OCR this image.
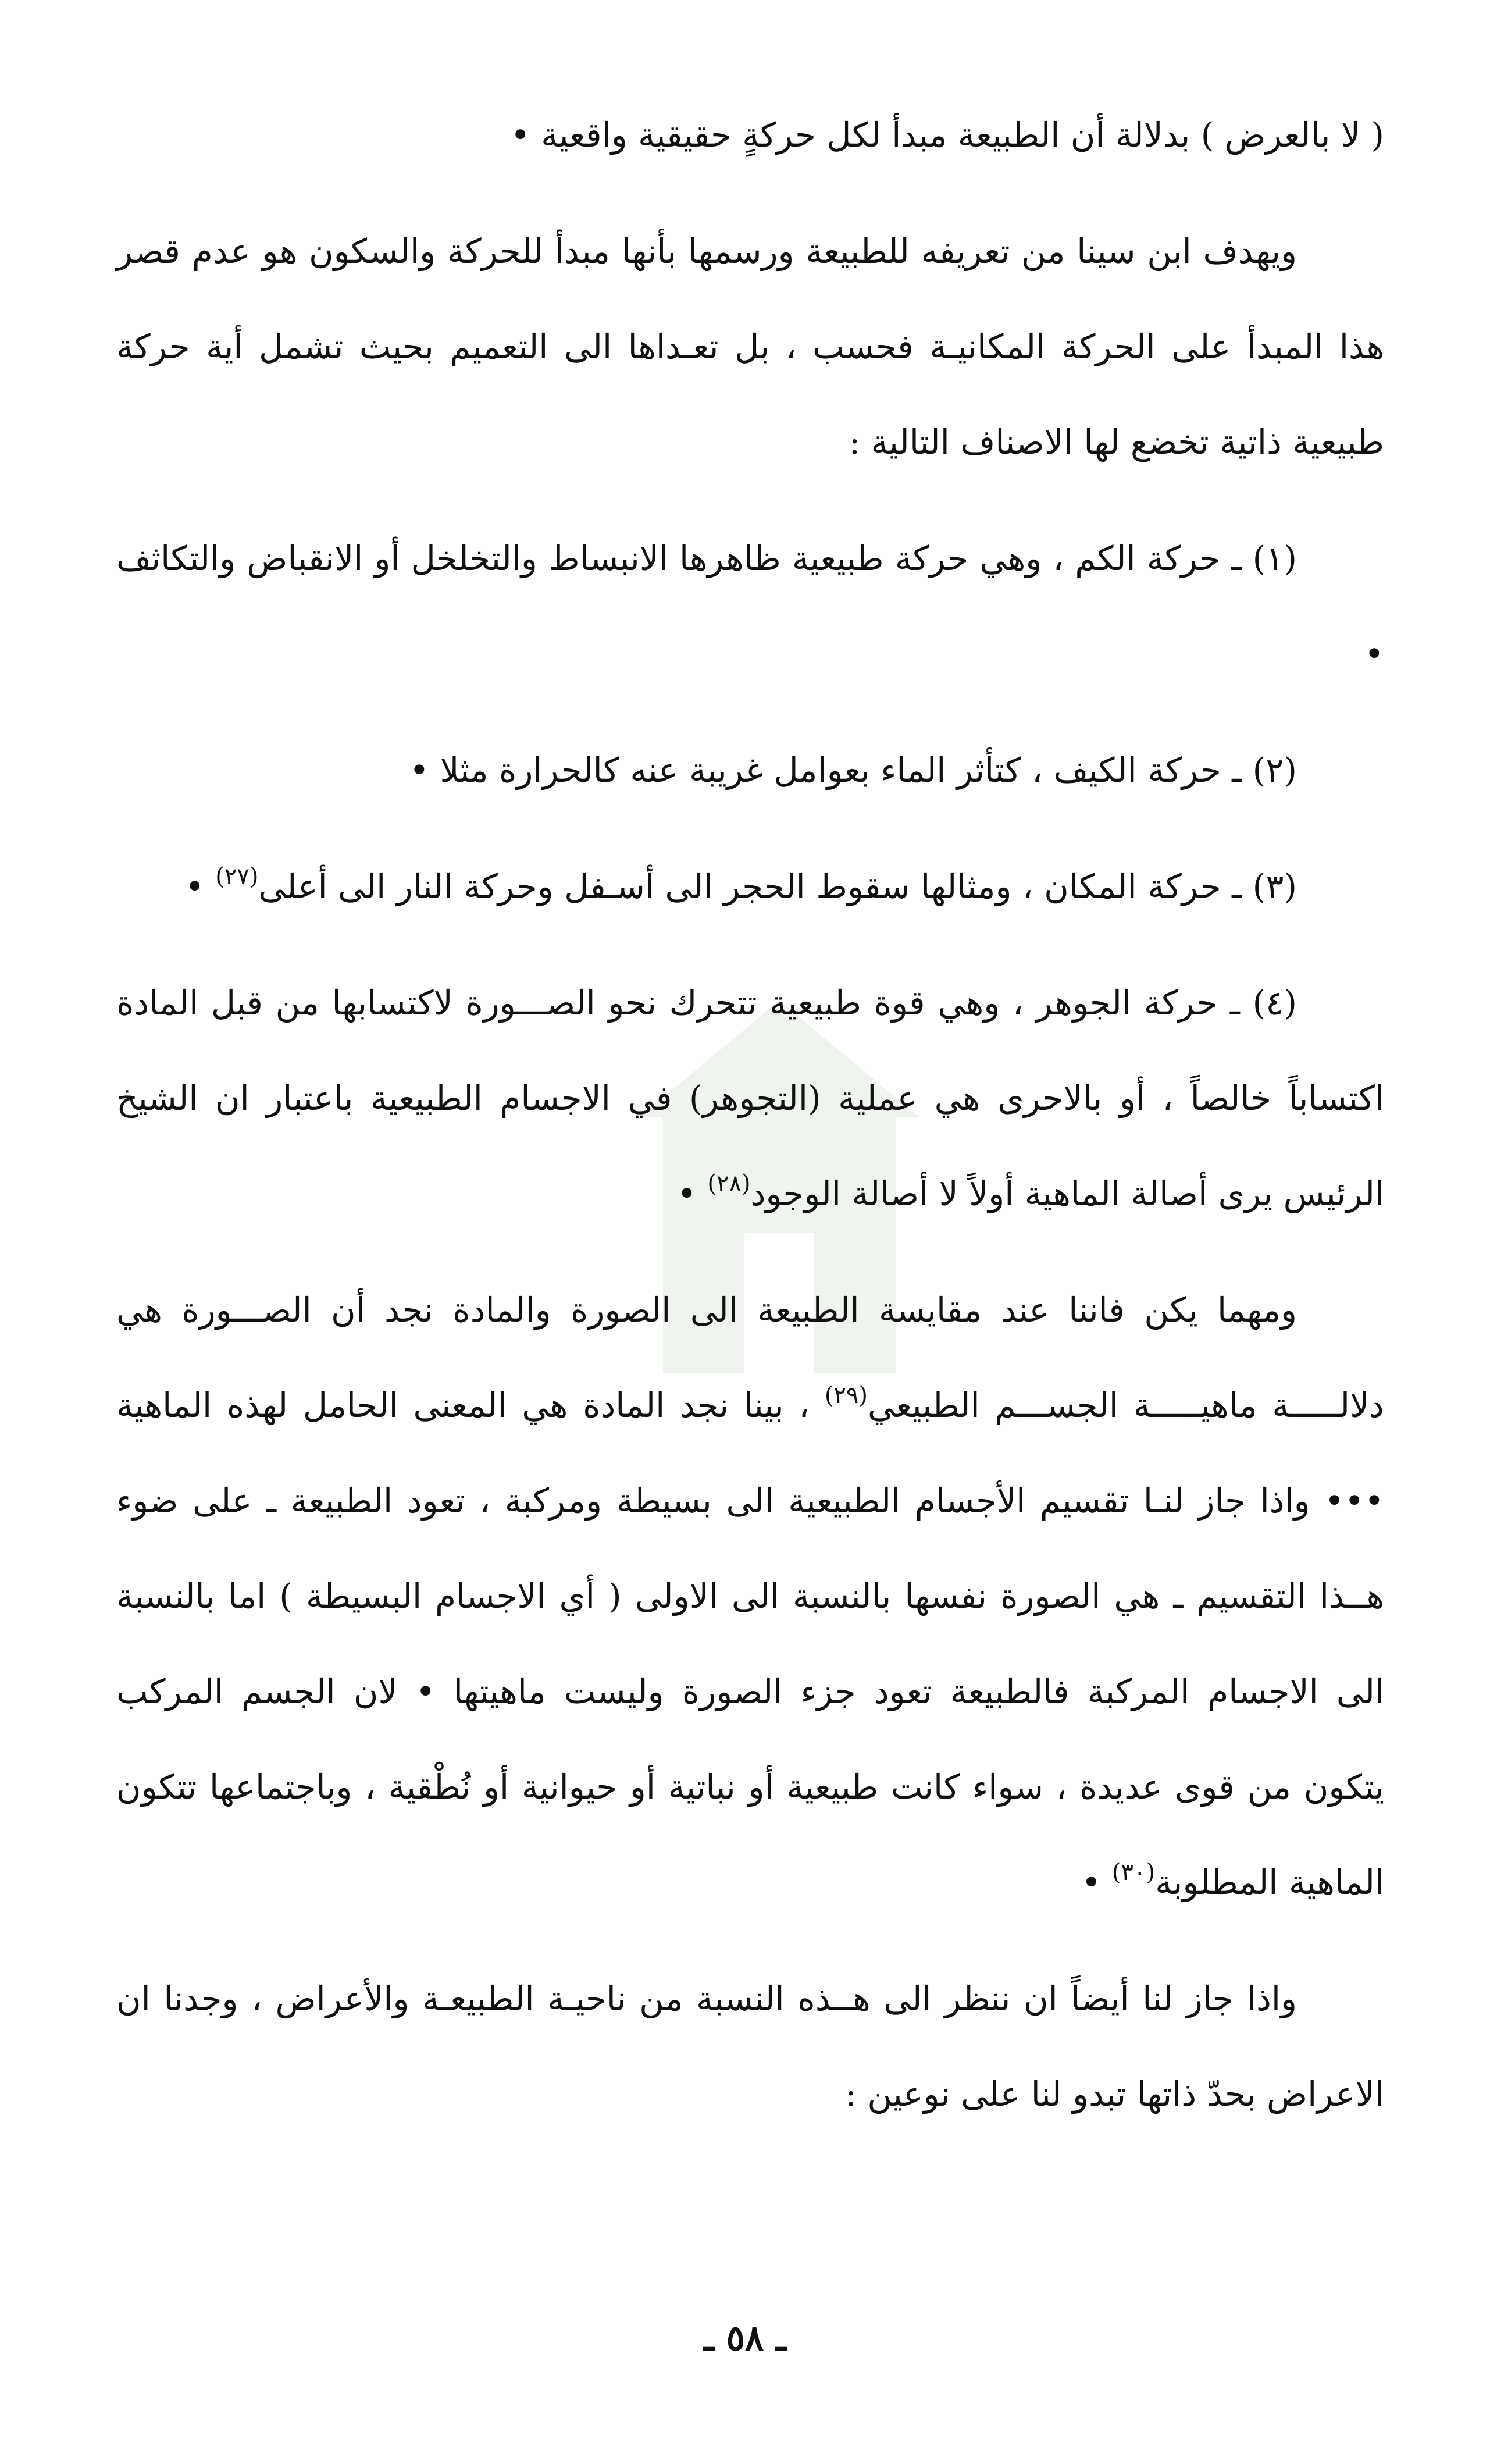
( لا بالعرض ) بدلالة أن الطبيعة مبدأ لكل حركةٍ حقيقية واقعية •

ويهدف ابن سينا من تعريفه للطبيعة ورسمها بأنها مبدأ للحركة والسكون هو عدم قصر هذا المبدأ على الحركة المكانيـة فحسب ، بل تعـداها الى التعميم بحيث تشمل أية حركة طبيعية ذاتية تخضع لها الاصناف التالية :

(١) ـ حركة الكم ، وهي حركة طبيعية ظاهرها الانبساط والتخلخل أو الانقباض والتكاثف •

(٢) ـ حركة الكيف ، كتأثر الماء بعوامل غريبة عنه كالحرارة مثلا •

(٣) ـ حركة المكان ، ومثالها سقوط الحجر الى أسـفل وحركة النار الى أعلى$^{(٢٧)}$ •

(٤) ـ حركة الجوهر ، وهي قوة طبيعية تتحرك نحو الصـــورة لاكتسابها من قبل المادة اكتساباً خالصاً ، أو بالاحرى هي عملية (التجوهر) في الاجسام الطبيعية باعتبار ان الشيخ الرئيس يرى أصالة الماهية أولاً لا أصالة الوجود$^{(٢٨)}$ •

ومهما يكن فاننا عند مقايسة الطبيعة الى الصورة والمادة نجد أن الصـــورة هي دلالـــــة ماهيـــــة الجســـم الطبيعي$^{(٢٩)}$ ، بينا نجد المادة هي المعنى الحامل لهذه الماهية ••• واذا جاز لنـا تقسيم الأجسام الطبيعية الى بسيطة ومركبة ، تعود الطبيعة ـ على ضوء هــذا التقسيم ـ هي الصورة نفسها بالنسبة الى الاولى ( أي الاجسام البسيطة ) اما بالنسبة الى الاجسام المركبة فالطبيعة تعود جزء الصورة وليست ماهيتها • لان الجسم المركب يتكون من قوى عديدة ، سواء كانت طبيعية أو نباتية أو حيوانية أو نُطْقية ، وباجتماعها تتكون الماهية المطلوبة$^{(٣٠)}$ •

واذا جاز لنا أيضاً ان ننظر الى هــذه النسبة من ناحيـة الطبيعـة والأعراض ، وجدنا ان الاعراض بحدّ ذاتها تبدو لنا على نوعين :

ـ ٥٨ ـ
